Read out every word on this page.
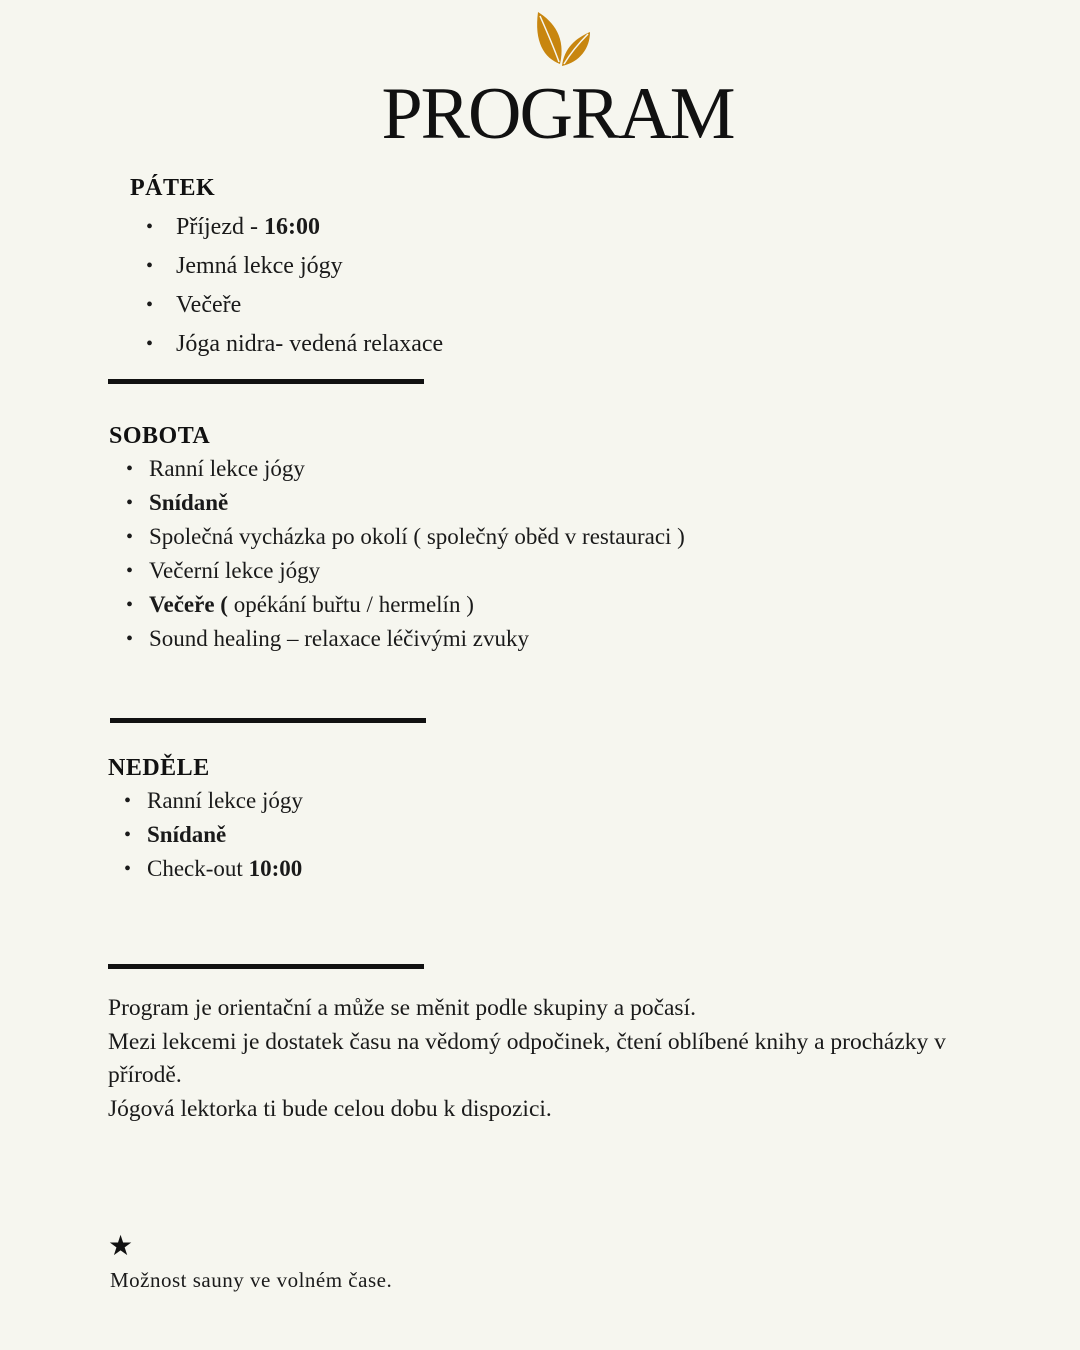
PROGRAM
PÁTEK
• Příjezd - 16:00
• Jemná lekce jógy
• Večeře
• Jóga nidra- vedená relaxace
SOBOTA
• Ranní lekce jógy
• Snídaně
• Společná vycházka po okolí ( společný oběd v restauraci )
• Večerní lekce jógy
• Večeře ( opékání buřtu / hermelín )
• Sound healing – relaxace léčivými zvuky
NEDĚLE
• Ranní lekce jógy
• Snídaně
• Check-out 10:00

Program je orientační a může se měnit podle skupiny a počasí.

Mezi lekcemi je dostatek času na vědomý odpočinek, čtení oblíbené knihy a procházky v přírodě.

Jógová lektorka ti bude celou dobu k dispozici.

★
Možnost sauny ve volném čase.
